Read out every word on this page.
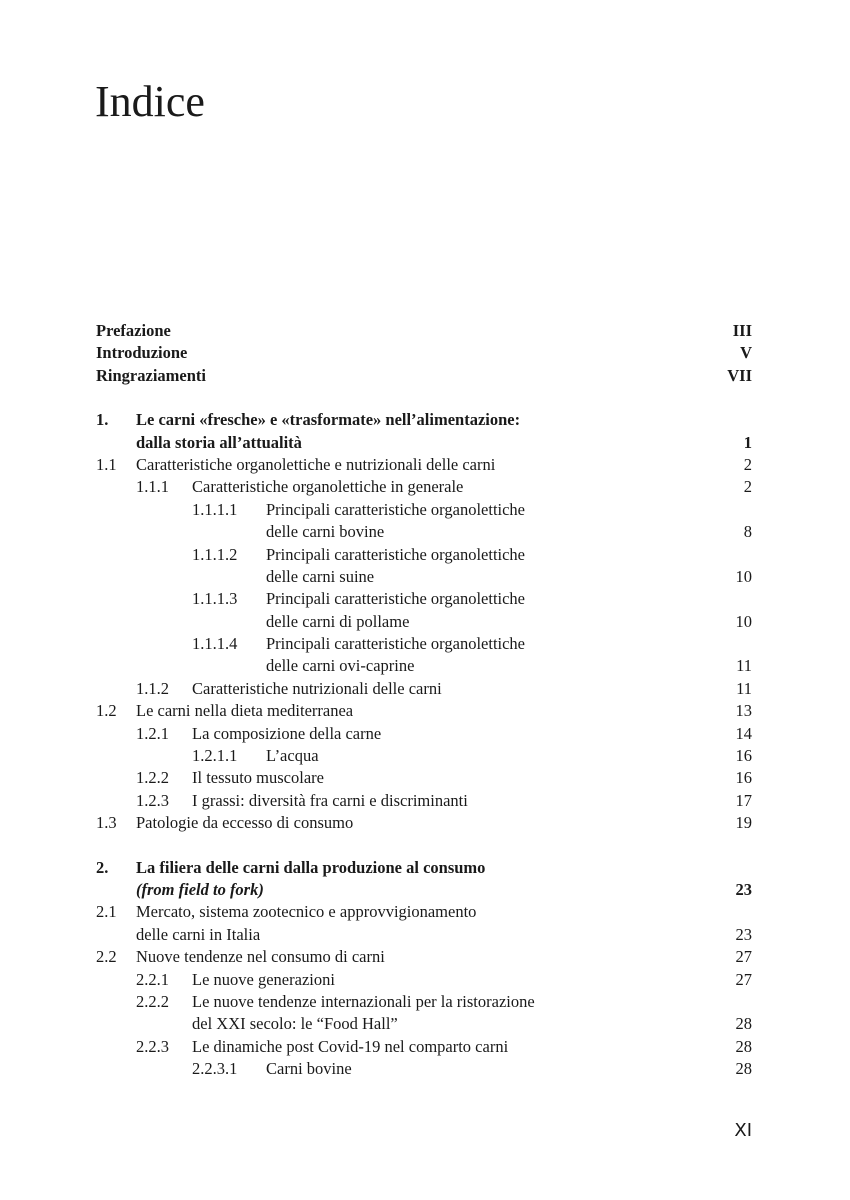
Indice
Prefazione	III
Introduzione	V
Ringraziamenti	VII
1. Le carni «fresche» e «trasformate» nell’alimentazione:
dalla storia all’attualità	1
1.1 Caratteristiche organolettiche e nutrizionali delle carni	2
1.1.1 Caratteristiche organolettiche in generale	2
1.1.1.1 Principali caratteristiche organolettiche
delle carni bovine	8
1.1.1.2 Principali caratteristiche organolettiche
delle carni suine	10
1.1.1.3 Principali caratteristiche organolettiche
delle carni di pollame	10
1.1.1.4 Principali caratteristiche organolettiche
delle carni ovi-caprine	11
1.1.2 Caratteristiche nutrizionali delle carni	11
1.2 Le carni nella dieta mediterranea	13
1.2.1 La composizione della carne	14
1.2.1.1 L’acqua	16
1.2.2 Il tessuto muscolare	16
1.2.3 I grassi: diversità fra carni e discriminanti	17
1.3 Patologie da eccesso di consumo	19
2. La filiera delle carni dalla produzione al consumo
(from field to fork)	23
2.1 Mercato, sistema zootecnico e approvvigionamento
delle carni in Italia	23
2.2 Nuove tendenze nel consumo di carni	27
2.2.1 Le nuove generazioni	27
2.2.2 Le nuove tendenze internazionali per la ristorazione
del XXI secolo: le “Food Hall”	28
2.2.3 Le dinamiche post Covid-19 nel comparto carni	28
2.2.3.1 Carni bovine	28
XI
